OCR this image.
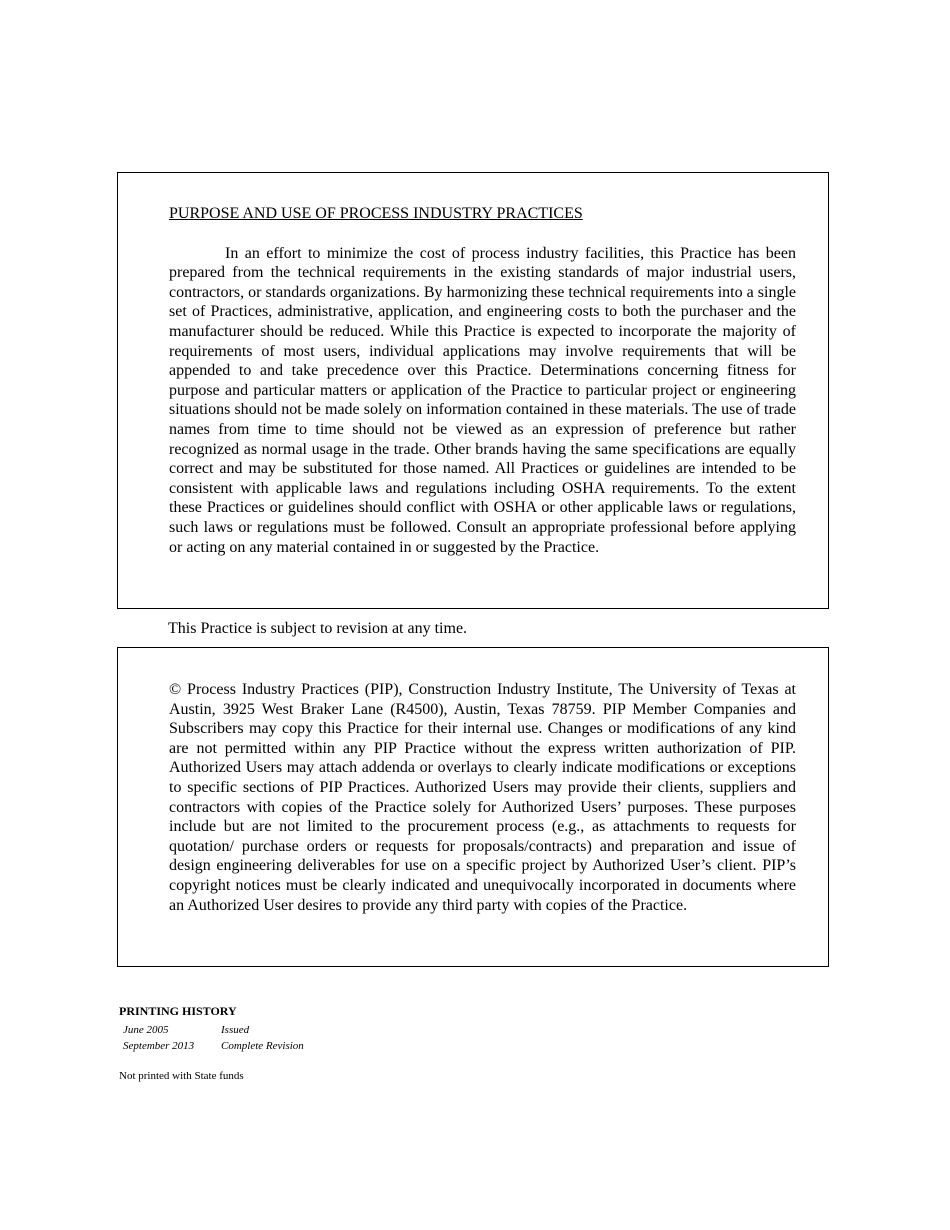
PURPOSE AND USE OF PROCESS INDUSTRY PRACTICES

In an effort to minimize the cost of process industry facilities, this Practice has been prepared from the technical requirements in the existing standards of major industrial users, contractors, or standards organizations. By harmonizing these technical requirements into a single set of Practices, administrative, application, and engineering costs to both the purchaser and the manufacturer should be reduced. While this Practice is expected to incorporate the majority of requirements of most users, individual applications may involve requirements that will be appended to and take precedence over this Practice. Determinations concerning fitness for purpose and particular matters or application of the Practice to particular project or engineering situations should not be made solely on information contained in these materials. The use of trade names from time to time should not be viewed as an expression of preference but rather recognized as normal usage in the trade. Other brands having the same specifications are equally correct and may be substituted for those named. All Practices or guidelines are intended to be consistent with applicable laws and regulations including OSHA requirements. To the extent these Practices or guidelines should conflict with OSHA or other applicable laws or regulations, such laws or regulations must be followed. Consult an appropriate professional before applying or acting on any material contained in or suggested by the Practice.

This Practice is subject to revision at any time.

© Process Industry Practices (PIP), Construction Industry Institute, The University of Texas at Austin, 3925 West Braker Lane (R4500), Austin, Texas 78759. PIP Member Companies and Subscribers may copy this Practice for their internal use. Changes or modifications of any kind are not permitted within any PIP Practice without the express written authorization of PIP. Authorized Users may attach addenda or overlays to clearly indicate modifications or exceptions to specific sections of PIP Practices. Authorized Users may provide their clients, suppliers and contractors with copies of the Practice solely for Authorized Users’ purposes. These purposes include but are not limited to the procurement process (e.g., as attachments to requests for quotation/ purchase orders or requests for proposals/contracts) and preparation and issue of design engineering deliverables for use on a specific project by Authorized User’s client. PIP’s copyright notices must be clearly indicated and unequivocally incorporated in documents where an Authorized User desires to provide any third party with copies of the Practice.

PRINTING HISTORY

June 2005	Issued
September 2013	Complete Revision

Not printed with State funds
